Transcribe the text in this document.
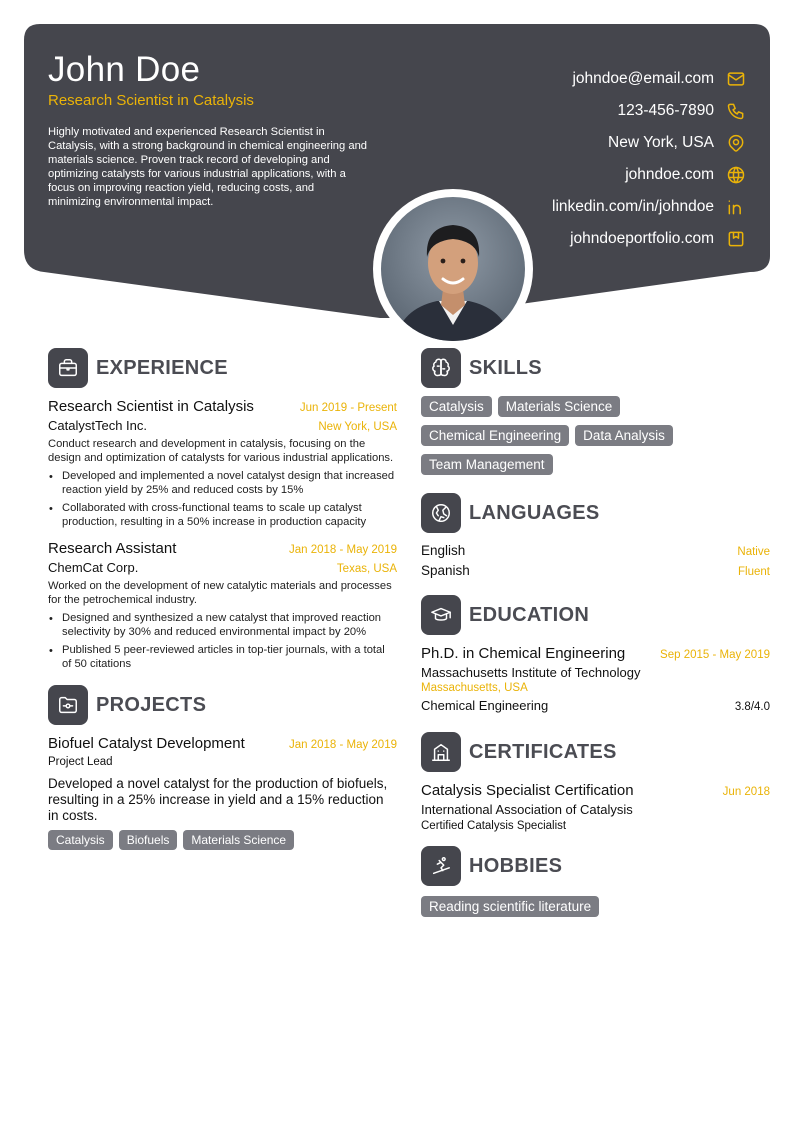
John Doe
Research Scientist in Catalysis
Highly motivated and experienced Research Scientist in Catalysis, with a strong background in chemical engineering and materials science. Proven track record of developing and optimizing catalysts for various industrial applications, with a focus on improving reaction yield, reducing costs, and minimizing environmental impact.
johndoe@email.com
123-456-7890
New York, USA
johndoe.com
linkedin.com/in/johndoe
johndoeportfolio.com
EXPERIENCE
Research Scientist in Catalysis	Jun 2019 - Present
CatalystTech Inc.	New York, USA
Conduct research and development in catalysis, focusing on the design and optimization of catalysts for various industrial applications.
• Developed and implemented a novel catalyst design that increased reaction yield by 25% and reduced costs by 15%
• Collaborated with cross-functional teams to scale up catalyst production, resulting in a 50% increase in production capacity
Research Assistant	Jan 2018 - May 2019
ChemCat Corp.	Texas, USA
Worked on the development of new catalytic materials and processes for the petrochemical industry.
• Designed and synthesized a new catalyst that improved reaction selectivity by 30% and reduced environmental impact by 20%
• Published 5 peer-reviewed articles in top-tier journals, with a total of 50 citations
PROJECTS
Biofuel Catalyst Development	Jan 2018 - May 2019
Project Lead
Developed a novel catalyst for the production of biofuels, resulting in a 25% increase in yield and a 15% reduction in costs.
Catalysis Biofuels Materials Science
SKILLS
Catalysis Materials Science
Chemical Engineering Data Analysis
Team Management
LANGUAGES
English	Native
Spanish	Fluent
EDUCATION
Ph.D. in Chemical Engineering	Sep 2015 - May 2019
Massachusetts Institute of Technology
Massachusetts, USA
Chemical Engineering	3.8/4.0
CERTIFICATES
Catalysis Specialist Certification	Jun 2018
International Association of Catalysis
Certified Catalysis Specialist
HOBBIES
Reading scientific literature
